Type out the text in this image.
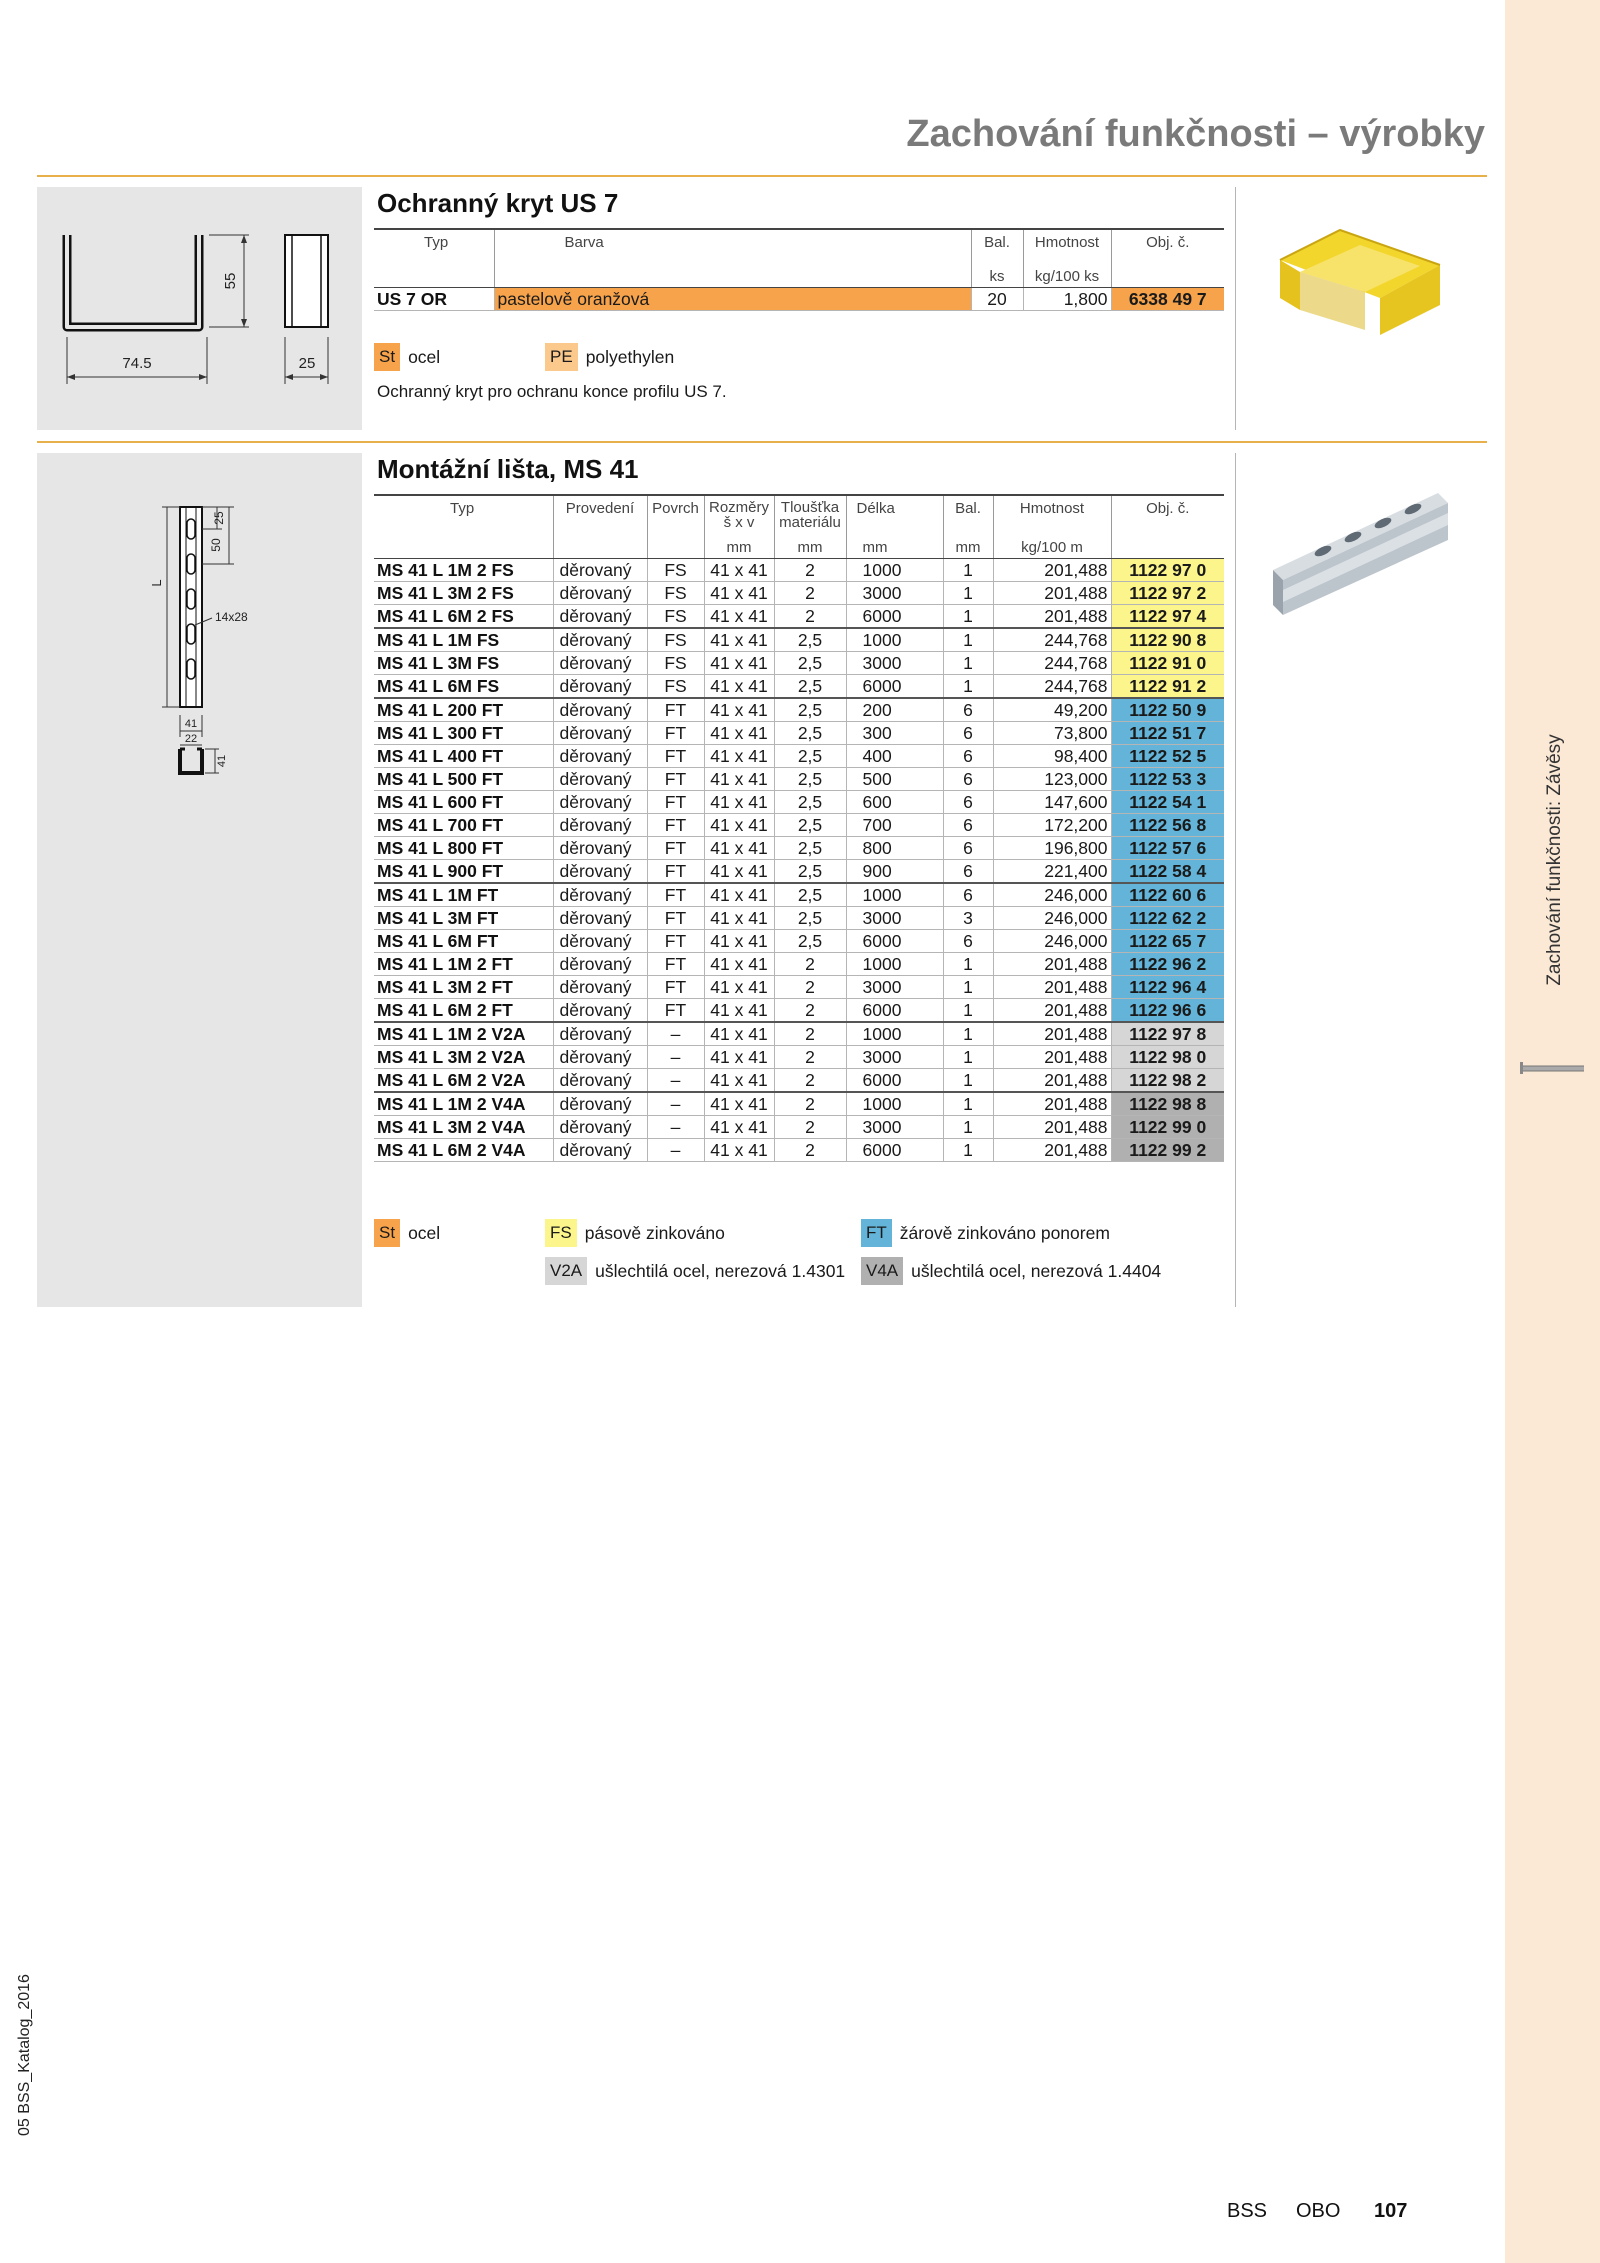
Zachování funkčnosti: Závěsy
Zachování funkčnosti – výrobky
74.5
55
25
Ochranný kryt US 7
Typ	Barva	Bal.	Hmotnost	Obj. č.
		ks	kg/100 ks	
US 7 OR	pastelově oranžová	20	1,800	6338 49 7
St ocel	PE polyethylen
Ochranný kryt pro ochranu konce profilu US 7.
L
25
50
14x28
41
22
41
Montážní lišta, MS 41
Typ	Provedení	Povrch	Rozměry
š x v	Tloušťka
materiálu	Délka	Bal.	Hmotnost	Obj. č.
			mm	mm	mm	mm	kg/100 m	
MS 41 L 1M 2 FS	děrovaný	FS	41 x 41	2	1000	1	201,488	1122 97 0
MS 41 L 3M 2 FS	děrovaný	FS	41 x 41	2	3000	1	201,488	1122 97 2
MS 41 L 6M 2 FS	děrovaný	FS	41 x 41	2	6000	1	201,488	1122 97 4
MS 41 L 1M FS	děrovaný	FS	41 x 41	2,5	1000	1	244,768	1122 90 8
MS 41 L 3M FS	děrovaný	FS	41 x 41	2,5	3000	1	244,768	1122 91 0
MS 41 L 6M FS	děrovaný	FS	41 x 41	2,5	6000	1	244,768	1122 91 2
MS 41 L 200 FT	děrovaný	FT	41 x 41	2,5	200	6	49,200	1122 50 9
MS 41 L 300 FT	děrovaný	FT	41 x 41	2,5	300	6	73,800	1122 51 7
MS 41 L 400 FT	děrovaný	FT	41 x 41	2,5	400	6	98,400	1122 52 5
MS 41 L 500 FT	děrovaný	FT	41 x 41	2,5	500	6	123,000	1122 53 3
MS 41 L 600 FT	děrovaný	FT	41 x 41	2,5	600	6	147,600	1122 54 1
MS 41 L 700 FT	děrovaný	FT	41 x 41	2,5	700	6	172,200	1122 56 8
MS 41 L 800 FT	děrovaný	FT	41 x 41	2,5	800	6	196,800	1122 57 6
MS 41 L 900 FT	děrovaný	FT	41 x 41	2,5	900	6	221,400	1122 58 4
MS 41 L 1M FT	děrovaný	FT	41 x 41	2,5	1000	6	246,000	1122 60 6
MS 41 L 3M FT	děrovaný	FT	41 x 41	2,5	3000	3	246,000	1122 62 2
MS 41 L 6M FT	děrovaný	FT	41 x 41	2,5	6000	6	246,000	1122 65 7
MS 41 L 1M 2 FT	děrovaný	FT	41 x 41	2	1000	1	201,488	1122 96 2
MS 41 L 3M 2 FT	děrovaný	FT	41 x 41	2	3000	1	201,488	1122 96 4
MS 41 L 6M 2 FT	děrovaný	FT	41 x 41	2	6000	1	201,488	1122 96 6
MS 41 L 1M 2 V2A	děrovaný	–	41 x 41	2	1000	1	201,488	1122 97 8
MS 41 L 3M 2 V2A	děrovaný	–	41 x 41	2	3000	1	201,488	1122 98 0
MS 41 L 6M 2 V2A	děrovaný	–	41 x 41	2	6000	1	201,488	1122 98 2
MS 41 L 1M 2 V4A	děrovaný	–	41 x 41	2	1000	1	201,488	1122 98 8
MS 41 L 3M 2 V4A	děrovaný	–	41 x 41	2	3000	1	201,488	1122 99 0
MS 41 L 6M 2 V4A	děrovaný	–	41 x 41	2	6000	1	201,488	1122 99 2
St ocel	FS pásově zinkováno	FT žárově zinkováno ponorem
V2A ušlechtilá ocel, nerezová 1.4301 V4A ušlechtilá ocel, nerezová 1.4404
05 BSS_Katalog_2016
BSS OBO 107
